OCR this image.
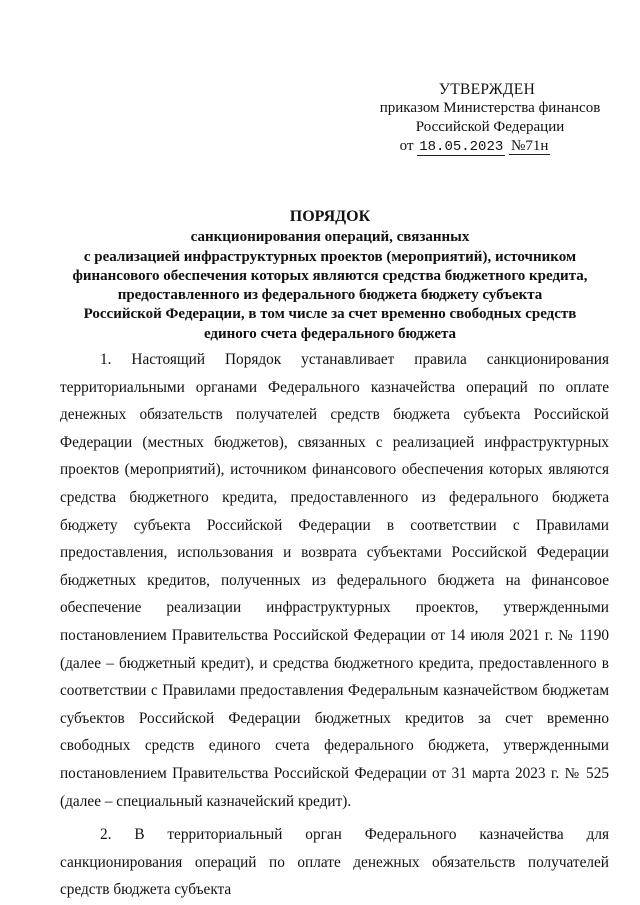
УТВЕРЖДЕН
приказом Министерства финансов
Российской Федерации
от 18.05.2023 №71н
ПОРЯДОК
санкционирования операций, связанных
с реализацией инфраструктурных проектов (мероприятий), источником
финансового обеспечения которых являются средства бюджетного кредита,
предоставленного из федерального бюджета бюджету субъекта
Российской Федерации, в том числе за счет временно свободных средств
единого счета федерального бюджета

1. Настоящий Порядок устанавливает правила санкционирования территориальными органами Федерального казначейства операций по оплате денежных обязательств получателей средств бюджета субъекта Российской Федерации (местных бюджетов), связанных с реализацией инфраструктурных проектов (мероприятий), источником финансового обеспечения которых являются средства бюджетного кредита, предоставленного из федерального бюджета бюджету субъекта Российской Федерации в соответствии с Правилами предоставления, использования и возврата субъектами Российской Федерации бюджетных кредитов, полученных из федерального бюджета на финансовое обеспечение реализации инфраструктурных проектов, утвержденными постановлением Правительства Российской Федерации от 14 июля 2021 г. № 1190 (далее – бюджетный кредит), и средства бюджетного кредита, предоставленного в соответствии с Правилами предоставления Федеральным казначейством бюджетам субъектов Российской Федерации бюджетных кредитов за счет временно свободных средств единого счета федерального бюджета, утвержденными постановлением Правительства Российской Федерации от 31 марта 2023 г. № 525 (далее – специальный казначейский кредит).

2. В территориальный орган Федерального казначейства для санкционирования операций по оплате денежных обязательств получателей средств бюджета субъекта
